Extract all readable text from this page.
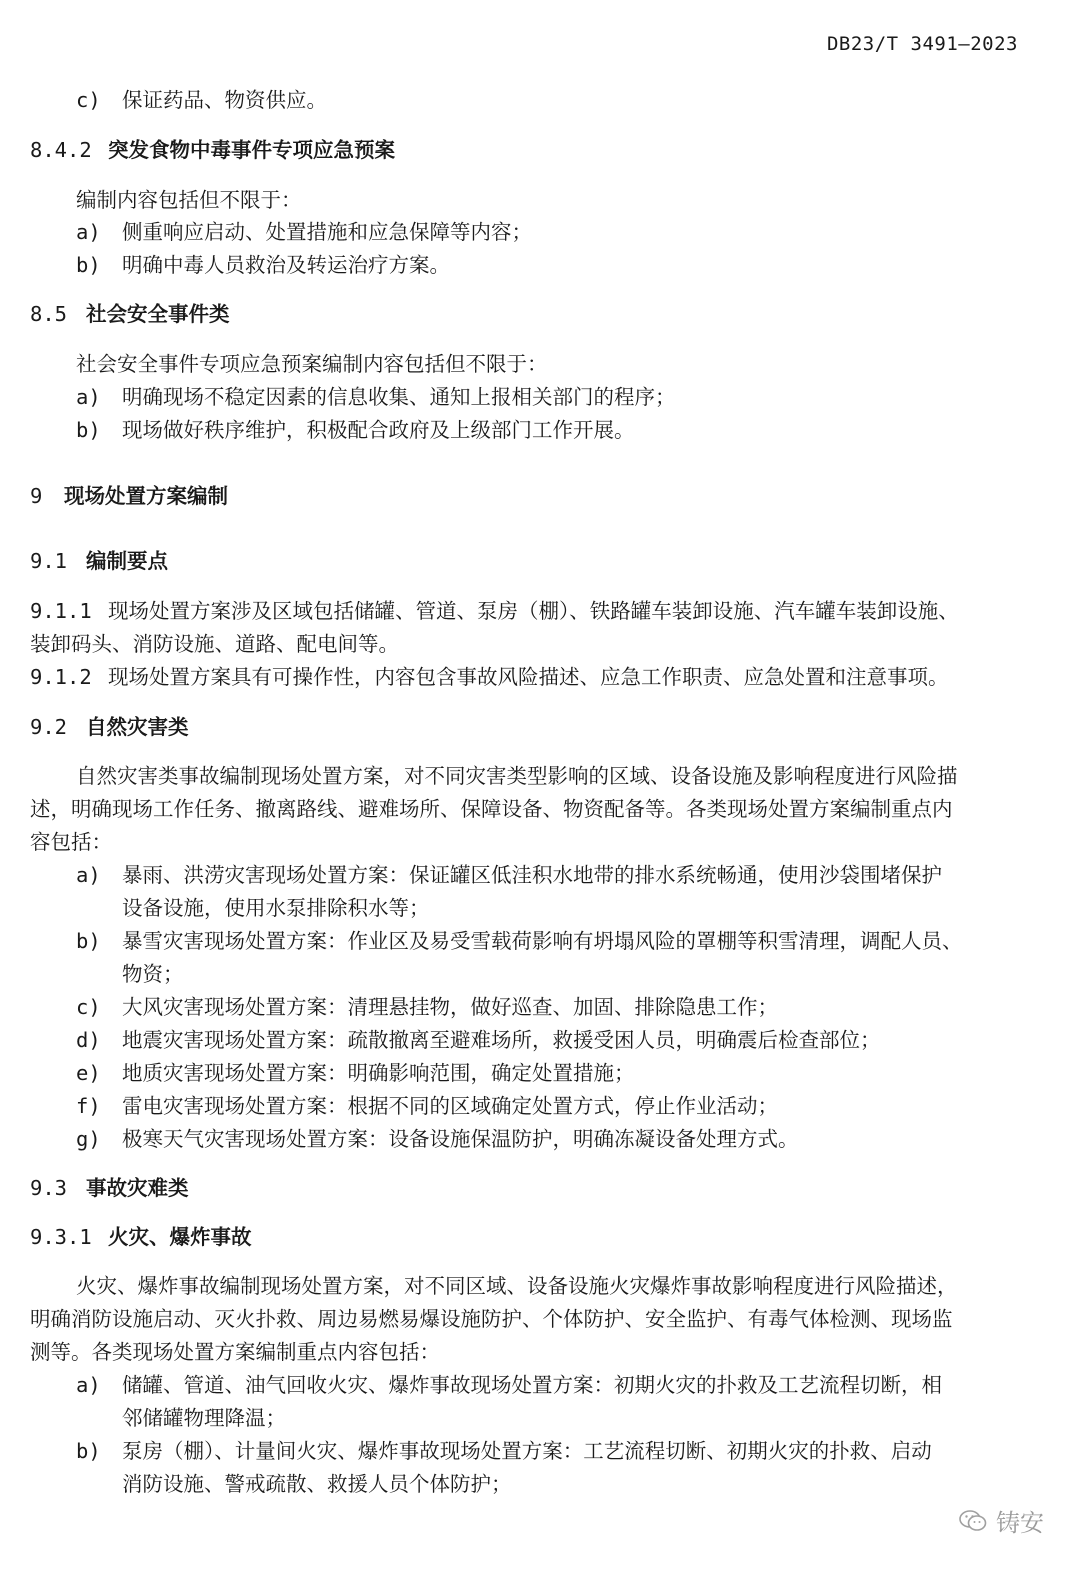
DB23/T 3491—2023
c) 保证药品、物资供应。
8.4.2 突发食物中毒事件专项应急预案
编制内容包括但不限于：
a) 侧重响应启动、处置措施和应急保障等内容；
b) 明确中毒人员救治及转运治疗方案。
8.5 社会安全事件类
社会安全事件专项应急预案编制内容包括但不限于：
a) 明确现场不稳定因素的信息收集、通知上报相关部门的程序；
b) 现场做好秩序维护，积极配合政府及上级部门工作开展。
9 现场处置方案编制
9.1 编制要点
9.1.1 现场处置方案涉及区域包括储罐、管道、泵房（棚）、铁路罐车装卸设施、汽车罐车装卸设施、
装卸码头、消防设施、道路、配电间等。
9.1.2 现场处置方案具有可操作性，内容包含事故风险描述、应急工作职责、应急处置和注意事项。
9.2 自然灾害类
自然灾害类事故编制现场处置方案，对不同灾害类型影响的区域、设备设施及影响程度进行风险描
述，明确现场工作任务、撤离路线、避难场所、保障设备、物资配备等。各类现场处置方案编制重点内
容包括：
a) 暴雨、洪涝灾害现场处置方案：保证罐区低洼积水地带的排水系统畅通，使用沙袋围堵保护
设备设施，使用水泵排除积水等；
b) 暴雪灾害现场处置方案：作业区及易受雪载荷影响有坍塌风险的罩棚等积雪清理，调配人员、
物资；
c) 大风灾害现场处置方案：清理悬挂物，做好巡查、加固、排除隐患工作；
d) 地震灾害现场处置方案：疏散撤离至避难场所，救援受困人员，明确震后检查部位；
e) 地质灾害现场处置方案：明确影响范围，确定处置措施；
f) 雷电灾害现场处置方案：根据不同的区域确定处置方式，停止作业活动；
g) 极寒天气灾害现场处置方案：设备设施保温防护，明确冻凝设备处理方式。
9.3 事故灾难类
9.3.1 火灾、爆炸事故
火灾、爆炸事故编制现场处置方案，对不同区域、设备设施火灾爆炸事故影响程度进行风险描述，
明确消防设施启动、灭火扑救、周边易燃易爆设施防护、个体防护、安全监护、有毒气体检测、现场监
测等。各类现场处置方案编制重点内容包括：
a) 储罐、管道、油气回收火灾、爆炸事故现场处置方案：初期火灾的扑救及工艺流程切断，相
邻储罐物理降温；
b) 泵房（棚）、计量间火灾、爆炸事故现场处置方案：工艺流程切断、初期火灾的扑救、启动
消防设施、警戒疏散、救援人员个体防护；
铸安
